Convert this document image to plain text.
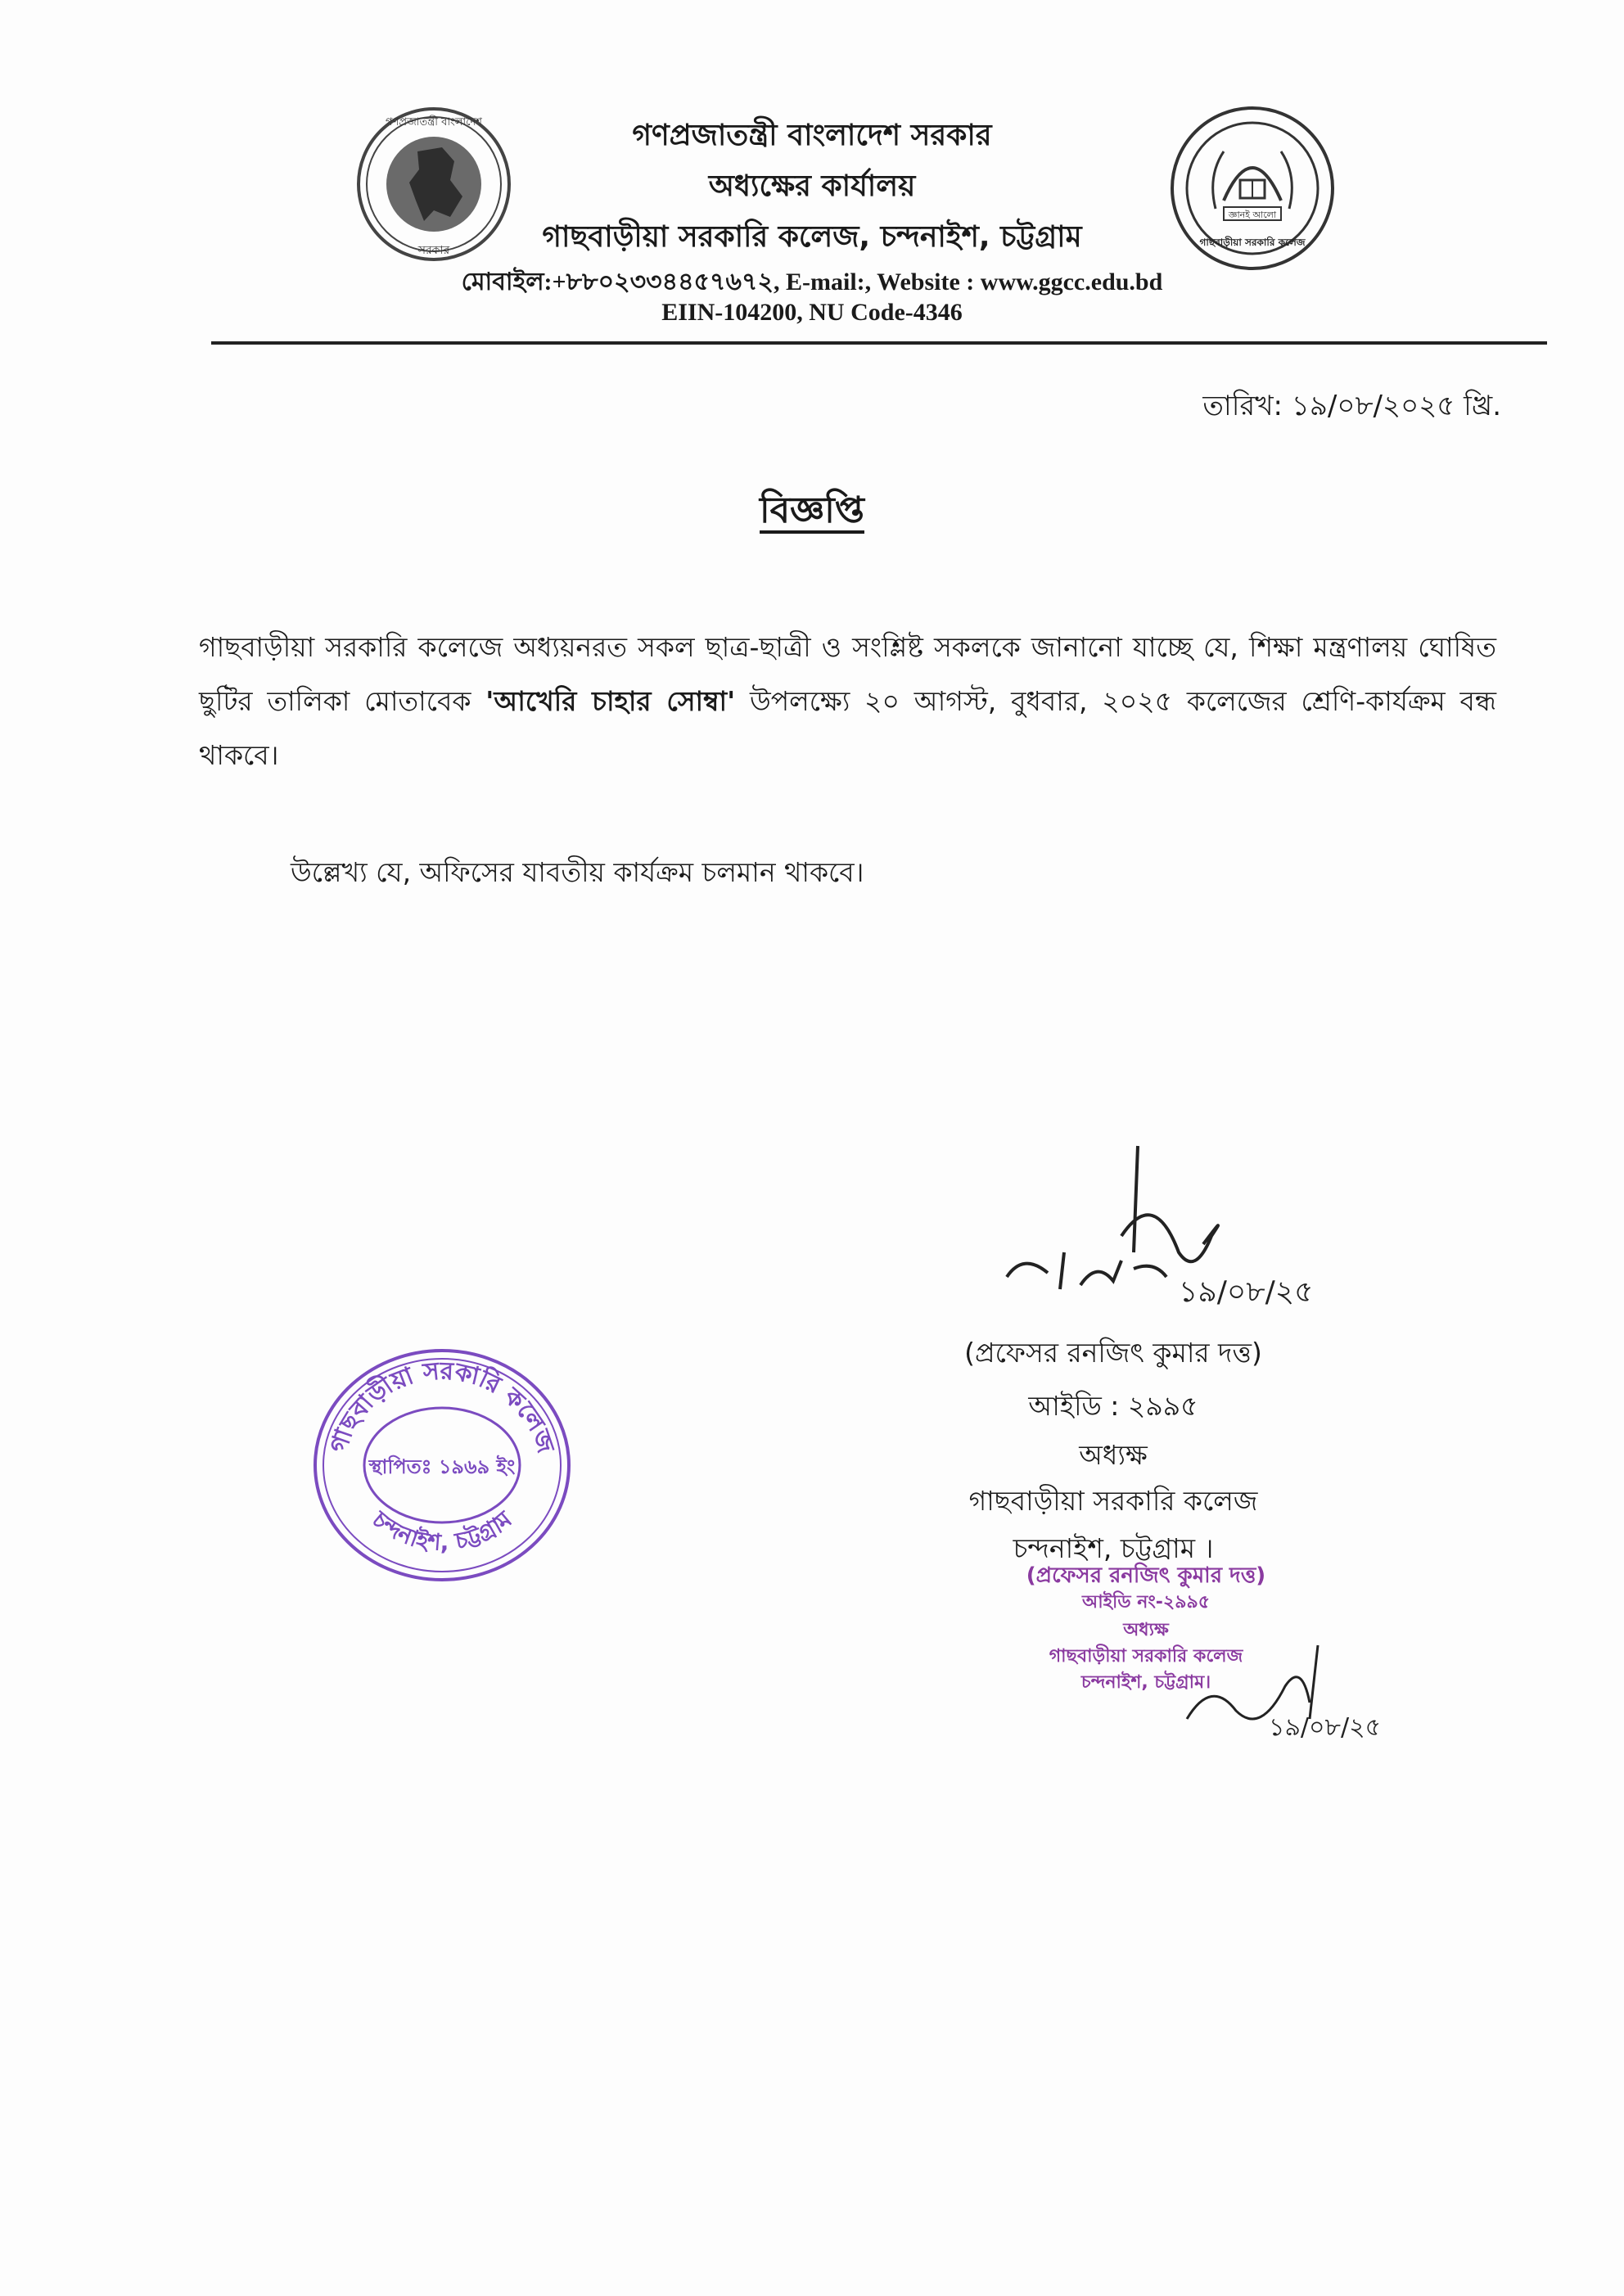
গণপ্রজাতন্ত্রী বাংলাদেশ
সরকার
জ্ঞানই আলো
গাছবাড়ীয়া সরকারি কলেজ
গণপ্রজাতন্ত্রী বাংলাদেশ সরকার
অধ্যক্ষের কার্যালয়
গাছবাড়ীয়া সরকারি কলেজ, চন্দনাইশ, চট্টগ্রাম
মোবাইল:+৮৮০২৩৩৪৪৫৭৬৭২, E-mail:, Website : www.ggcc.edu.bd
EIIN-104200, NU Code-4346
তারিখ: ১৯/০৮/২০২৫ খ্রি.
বিজ্ঞপ্তি
গাছবাড়ীয়া সরকারি কলেজে অধ্যয়নরত সকল ছাত্র-ছাত্রী ও সংশ্লিষ্ট সকলকে জানানো যাচ্ছে যে, শিক্ষা মন্ত্রণালয় ঘোষিত ছুটির তালিকা মোতাবেক 'আখেরি চাহার সোম্বা' উপলক্ষ্যে ২০ আগস্ট, বুধবার, ২০২৫ কলেজের শ্রেণি-কার্যক্রম বন্ধ থাকবে।
উল্লেখ্য যে, অফিসের যাবতীয় কার্যক্রম চলমান থাকবে।
১৯/০৮/২৫
(প্রফেসর রনজিৎ কুমার দত্ত)
আইডি : ২৯৯৫
অধ্যক্ষ
গাছবাড়ীয়া সরকারি কলেজ
চন্দনাইশ, চট্টগ্রাম ।
(প্রফেসর রনজিৎ কুমার দত্ত)
আইডি নং-২৯৯৫
অধ্যক্ষ
গাছবাড়ীয়া সরকারি কলেজ
চন্দনাইশ, চট্টগ্রাম।
১৯/০৮/২৫
গাছবাড়ীয়া সরকারি কলেজ
চন্দনাইশ, চট্টগ্রাম
স্থাপিতঃ ১৯৬৯ ইং
